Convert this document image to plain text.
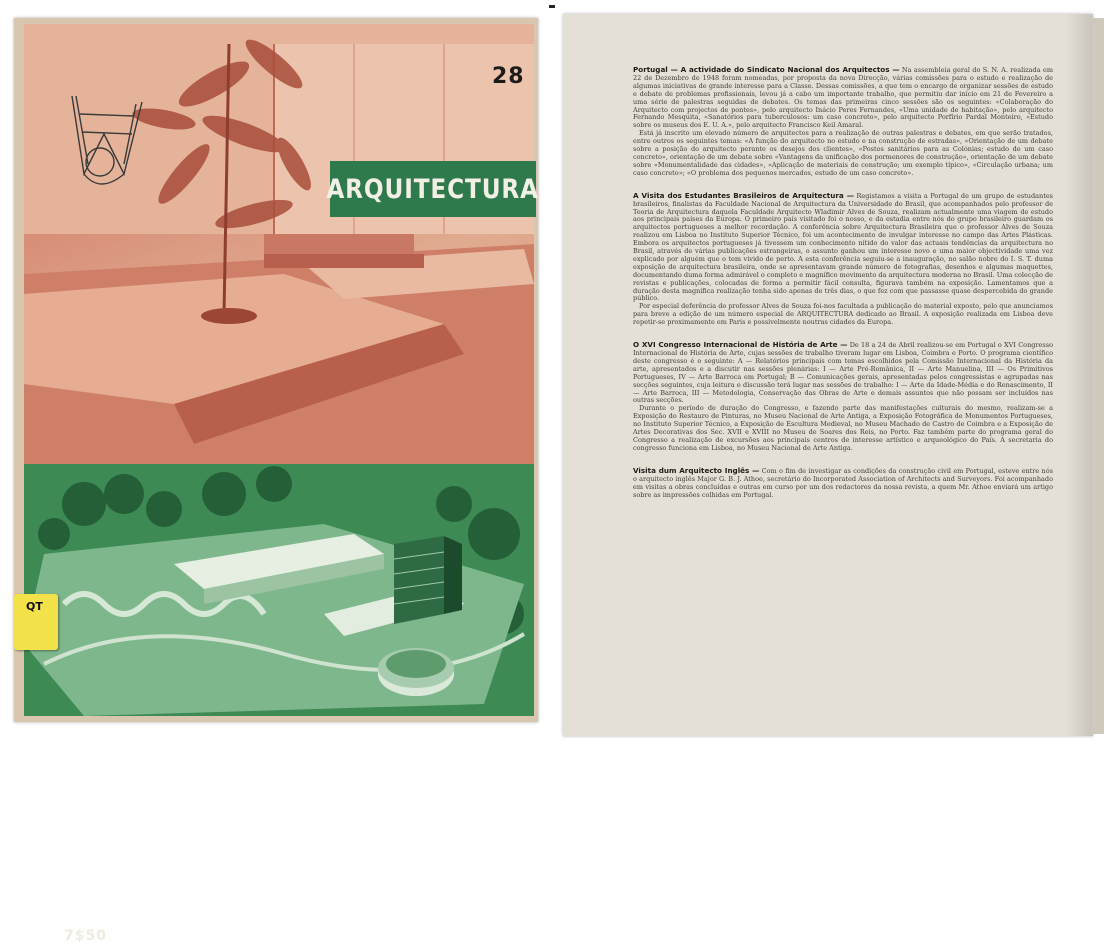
28
ARQUITECTURA
7$50
QT

Portugal — A actividade do Sindicato Nacional dos Arquitectos — Na assembleia geral do S. N. A. realizada em 22 de Dezembro de 1948 foram nomeadas, por proposta da nova Direcção, várias comissões para o estudo e realização de algumas iniciativas de grande interesse para a Classe. Dessas comissões, a que tem o encargo de organizar sessões de estudo e debate de problemas profissionais, levou já a cabo um importante trabalho, que permitiu dar início em 21 de Fevereiro a uma série de palestras seguidas de debates. Os temas das primeiras cinco sessões são os seguintes: «Colaboração do Arquitecto com projectos de pontes», pelo arquitecto Inácio Peres Fernandes, «Uma unidade de habitação», pelo arquitecto Fernando Mesquita, «Sanatórios para tuberculosos: um caso concreto», pelo arquitecto Porfírio Pardal Monteiro, «Estudo sobre os museus dos E. U. A.», pelo arquitecto Francisco Keil Amaral.

Está já inscrito um elevado número de arquitectos para a realização de outras palestras e debates, em que serão tratados, entre outros os seguintes temas: «A função do arquitecto no estudo e na construção de estradas», «Orientação de um debate sobre a posição do arquitecto perante os desejos dos clientes», «Postos sanitários para as Colónias; estudo de um caso concreto», orientação de um debate sobre «Vantagens da unificação dos pormenores de construção», orientação de um debate sobre «Monumentalidade das cidades», «Aplicação de materiais de construção; um exemplo típico», «Circulação urbana; um caso concreto»; «O problema dos pequenos mercados, estudo de um caso concreto».

A Visita dos Estudantes Brasileiros de Arquitectura — Registamos a visita a Portugal de um grupo de estudantes brasileiros, finalistas da Faculdade Nacional de Arquitectura da Universidade do Brasil, que acompanhados pelo professor de Teoria de Arquitectura daquela Faculdade Arquitecto Wladimir Alves de Souza, realizam actualmente uma viagem de estudo aos principais países da Europa. O primeiro país visitado foi o nosso, e da estadia entre nós do grupo brasileiro guardam os arquitectos portugueses a melhor recordação. A conferência sobre Arquitectura Brasileira que o professor Alves de Souza realizou em Lisboa no Instituto Superior Técnico, foi um acontecimento de invulgar interesse no campo das Artes Plásticas. Embora os arquitectos portugueses já tivessem um conhecimento nítido do valor das actuais tendências da arquitectura no Brasil, através de várias publicações estrangeiras, o assunto ganhou um interesse novo e uma maior objectividade uma vez explicado por alguém que o tem vivido de perto. A esta conferência seguiu-se a inauguração, no salão nobre do I. S. T. duma exposição de arquitectura brasileira, onde se apresentavam grande número de fotografias, desenhos e algumas maquettes, documentando duma forma admirável o completo e magnífico movimento da arquitectura moderna no Brasil. Uma colecção de revistas e publicações, colocadas de forma a permitir fácil consulta, figurava também na exposição. Lamentamos que a duração desta magnífica realização tenha sido apenas de três dias, o que fez com que passasse quase despercebida do grande público.

Por especial deferência do professor Alves de Souza foi-nos facultada a publicação do material exposto, pelo que anunciamos para breve a edição de um número especial de ARQUITECTURA dedicado ao Brasil. A exposição realizada em Lisboa deve repetir-se proximamente em Paris e possivelmente noutras cidades da Europa.

O XVI Congresso Internacional de História de Arte — De 18 a 24 de Abril realizou-se em Portugal o XVI Congresso Internacional de História de Arte, cujas sessões de trabalho tiveram lugar em Lisboa, Coimbra e Porto. O programa científico deste congresso é o seguinte: A — Relatórios principais com temas escolhidos pela Comissão Internacional da História da arte, apresentados e a discutir nas sessões plenárias: I — Arte Pré-Românica, II — Arte Manuelina, III — Os Primitivos Portugueses, IV — Arte Barroca em Portugal; B — Comunicações gerais, apresentadas pelos congressistas e agrupadas nas secções seguintes, cuja leitura e discussão terá lugar nas sessões de trabalho: I — Arte da Idade-Média e do Renascimento, II — Arte Barroca, III — Metodologia, Conservação das Obras de Arte e demais assuntos que não possam ser incluídos nas outras secções.

Durante o período de duração do Congresso, e fazendo parte das manifestações culturais do mesmo, realizam-se a Exposição do Restauro de Pinturas, no Museu Nacional de Arte Antiga, a Exposição Fotográfica de Monumentos Portugueses, no Instituto Superior Técnico, a Exposição de Escultura Medieval, no Museu Machado de Castro de Coimbra e a Exposição de Artes Decorativas dos Sec. XVII e XVIII no Museu de Soares dos Reis, no Porto. Faz também parte do programa geral do Congresso a realização de excursões aos principais centros de interesse artístico e arqueológico do País. A secretaria do congresso funciona em Lisboa, no Museu Nacional de Arte Antiga.

Visita dum Arquitecto Inglês — Com o fim de investigar as condições da construção civil em Portugal, esteve entre nós o arquitecto inglês Major G. B. J. Athoe, secretário do Incorporated Association of Architects and Surveyors. Foi acompanhado em visitas a obras concluídas e outras em curso por um dos redactores da nossa revista, a quem Mr. Athoe enviará um artigo sobre as impressões colhidas em Portugal.
